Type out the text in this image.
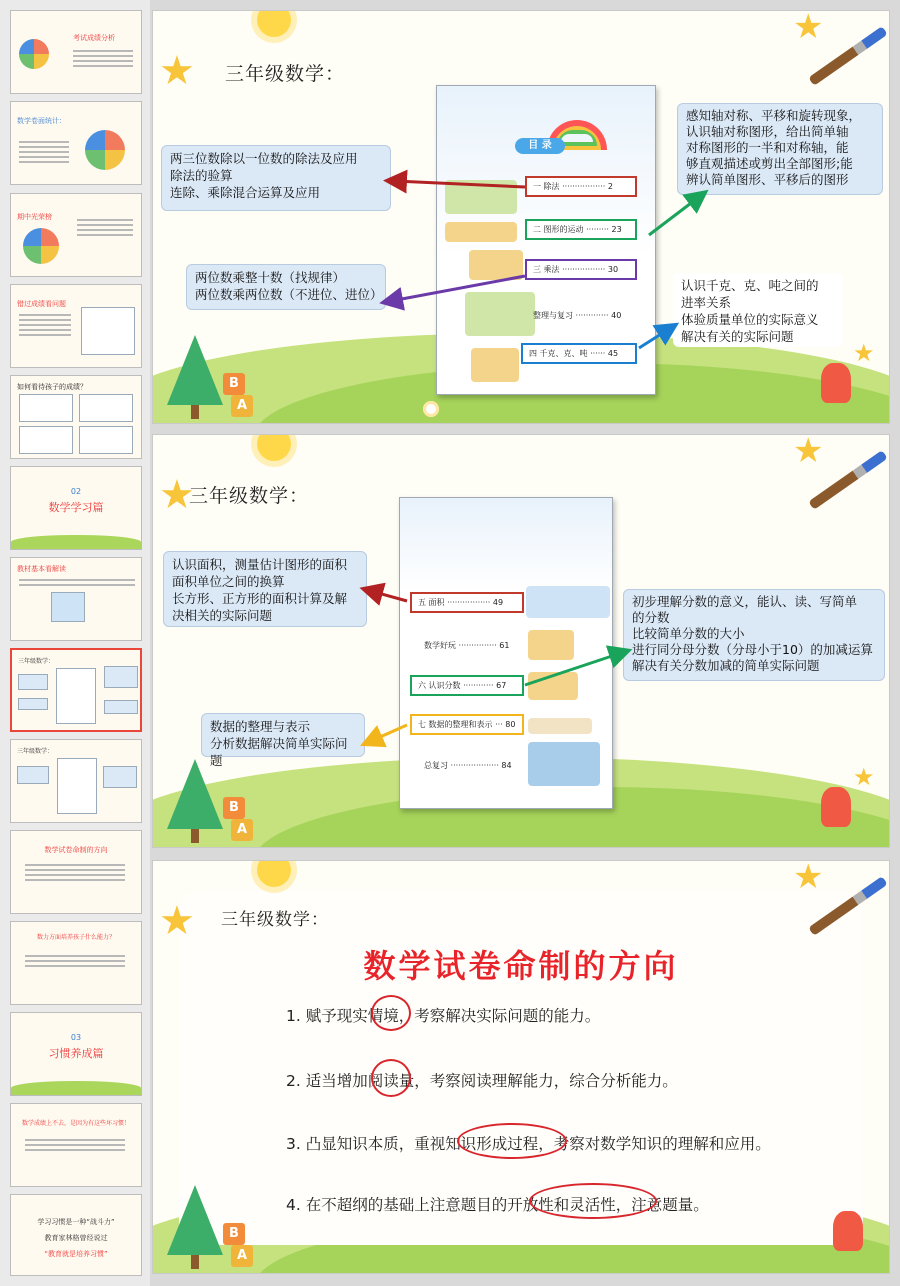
考试成绩分析
数学卷面统计：
期中光荣榜
错过成绩看问题
如何看待孩子的成绩？
02
数学学习篇
教材基本看解读
三年级数学：
三年级数学：
数学试卷命制的方向
数力方面培养孩子什么能力？
03
习惯养成篇
数学成绩上不去，是因为有这些坏习惯！
学习习惯是一种“战斗力”
教育家林格曾经说过
“教育就是培养习惯”
★
★
B
A
★
三年级数学：
目 录
一 除法 ················· 2
二 图形的运动 ········· 23
三 乘法 ················· 30
整理与复习 ············· 40
四 千克、克、吨 ······ 45
两三位数除以一位数的除法及应用
除法的验算
连除、乘除混合运算及应用
两位数乘整十数（找规律）
两位数乘两位数（不进位、进位）
感知轴对称、平移和旋转现象，
认识轴对称图形，给出简单轴
对称图形的一半和对称轴，能
够直观描述或剪出全部图形;能
辨认简单图形、平移后的图形
认识千克、克、吨之间的
进率关系
体验质量单位的实际意义
解决有关的实际问题
★
★
B
A
★
三年级数学：
五 面积 ················· 49
数学好玩 ··············· 61
六 认识分数 ············ 67
七 数据的整理和表示 ··· 80
总复习 ··················· 84
认识面积，测量估计图形的面积
面积单位之间的换算
长方形、正方形的面积计算及解
决相关的实际问题
数据的整理与表示
分析数据解决简单实际问题
初步理解分数的意义，能认、读、写简单
的分数
比较简单分数的大小
进行同分母分数（分母小于10）的加减运算
解决有关分数加减的简单实际问题
★
★
B
A
三年级数学：
数学试卷命制的方向
1. 赋予现实情境，考察解决实际问题的能力。
2. 适当增加阅读量，考察阅读理解能力，综合分析能力。
3. 凸显知识本质，重视知识形成过程，考察对数学知识的理解和应用。
4. 在不超纲的基础上注意题目的开放性和灵活性，注意题量。
